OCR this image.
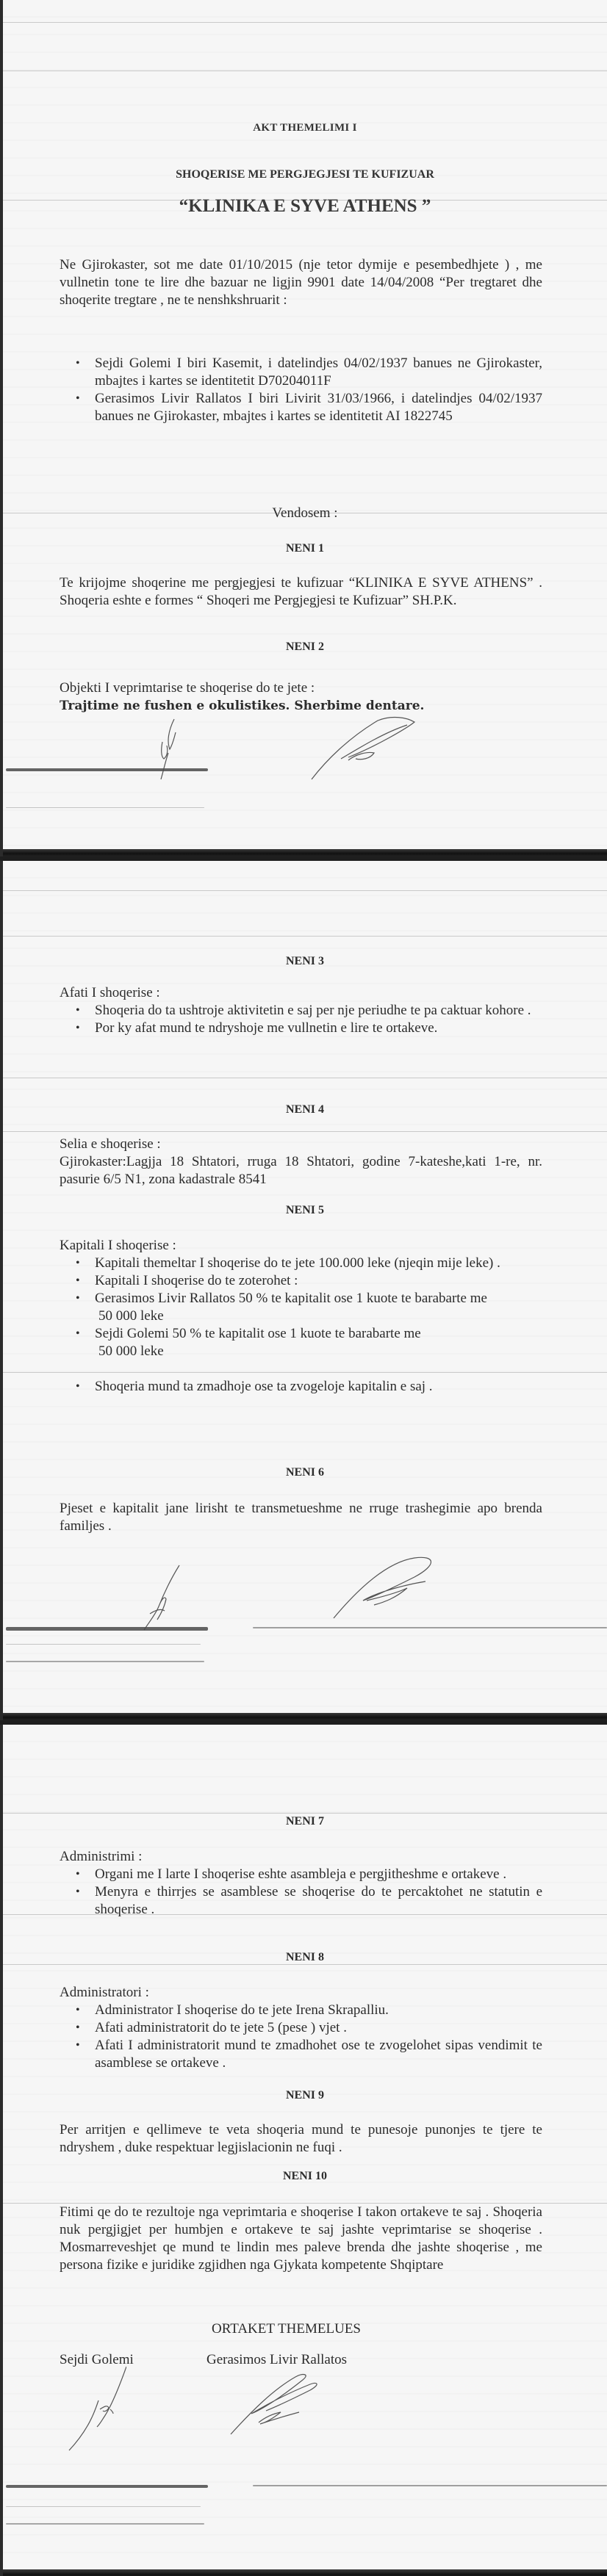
AKT THEMELIMI I
SHOQERISE ME PERGJEGJESI TE KUFIZUAR
“KLINIKA E SYVE ATHENS ”

Ne Gjirokaster, sot me date 01/10/2015 (nje tetor dymije e pesembedhjete ) , me vullnetin tone te lire dhe bazuar ne ligjin 9901 date 14/04/2008 “Per tregtaret dhe shoqerite tregtare , ne te nenshkshruarit :

• Sejdi Golemi I biri Kasemit, i datelindjes 04/02/1937 banues ne Gjirokaster, mbajtes i kartes se identitetit D70204011F
• Gerasimos Livir Rallatos I biri Livirit 31/03/1966, i datelindjes 04/02/1937 banues ne Gjirokaster, mbajtes i kartes se identitetit AI 1822745
Vendosem :
NENI 1

Te krijojme shoqerine me pergjegjesi te kufizuar “KLINIKA E SYVE ATHENS” . Shoqeria eshte e formes “ Shoqeri me Pergjegjesi te Kufizuar” SH.P.K.

NENI 2

Objekti I veprimtarise te shoqerise do te jete :

Trajtime ne fushen e okulistikes. Sherbime dentare.

NENI 3
Afati I shoqerise :
• Shoqeria do ta ushtroje aktivitetin e saj per nje periudhe te pa caktuar kohore .
• Por ky afat mund te ndryshoje me vullnetin e lire te ortakeve.
NENI 4

Selia e shoqerise :

Gjirokaster:Lagjja 18 Shtatori, rruga 18 Shtatori, godine 7-kateshe,kati 1-re, nr. pasurie 6/5 N1, zona kadastrale 8541

NENI 5
Kapitali I shoqerise :
• Kapitali themeltar I shoqerise do te jete 100.000 leke (njeqin mije leke) .
• Kapitali I shoqerise do te zoterohet :
• Gerasimos Livir Rallatos 50 % te kapitalit ose 1 kuote te barabarte me
50 000 leke
• Sejdi Golemi 50 % te kapitalit ose 1 kuote te barabarte me
50 000 leke
• Shoqeria mund ta zmadhoje ose ta zvogeloje kapitalin e saj .
NENI 6

Pjeset e kapitalit jane lirisht te transmetueshme ne rruge trashegimie apo brenda familjes .

NENI 7
Administrimi :
• Organi me I larte I shoqerise eshte asambleja e pergjitheshme e ortakeve .
• Menyra e thirrjes se asamblese se shoqerise do te percaktohet ne statutin e shoqerise .
NENI 8
Administratori :
• Administrator I shoqerise do te jete Irena Skrapalliu.
• Afati administratorit do te jete 5 (pese ) vjet .
• Afati I administratorit mund te zmadhohet ose te zvogelohet sipas vendimit te asamblese se ortakeve .
NENI 9

Per arritjen e qellimeve te veta shoqeria mund te punesoje punonjes te tjere te ndryshem , duke respektuar legjislacionin ne fuqi .

NENI 10

Fitimi qe do te rezultoje nga veprimtaria e shoqerise I takon ortakeve te saj . Shoqeria nuk pergjigjet per humbjen e ortakeve te saj jashte veprimtarise se shoqerise . Mosmarreveshjet qe mund te lindin mes paleve brenda dhe jashte shoqerise , me persona fizike e juridike zgjidhen nga Gjykata kompetente Shqiptare

ORTAKET THEMELUES
Sejdi Golemi	Gerasimos Livir Rallatos
